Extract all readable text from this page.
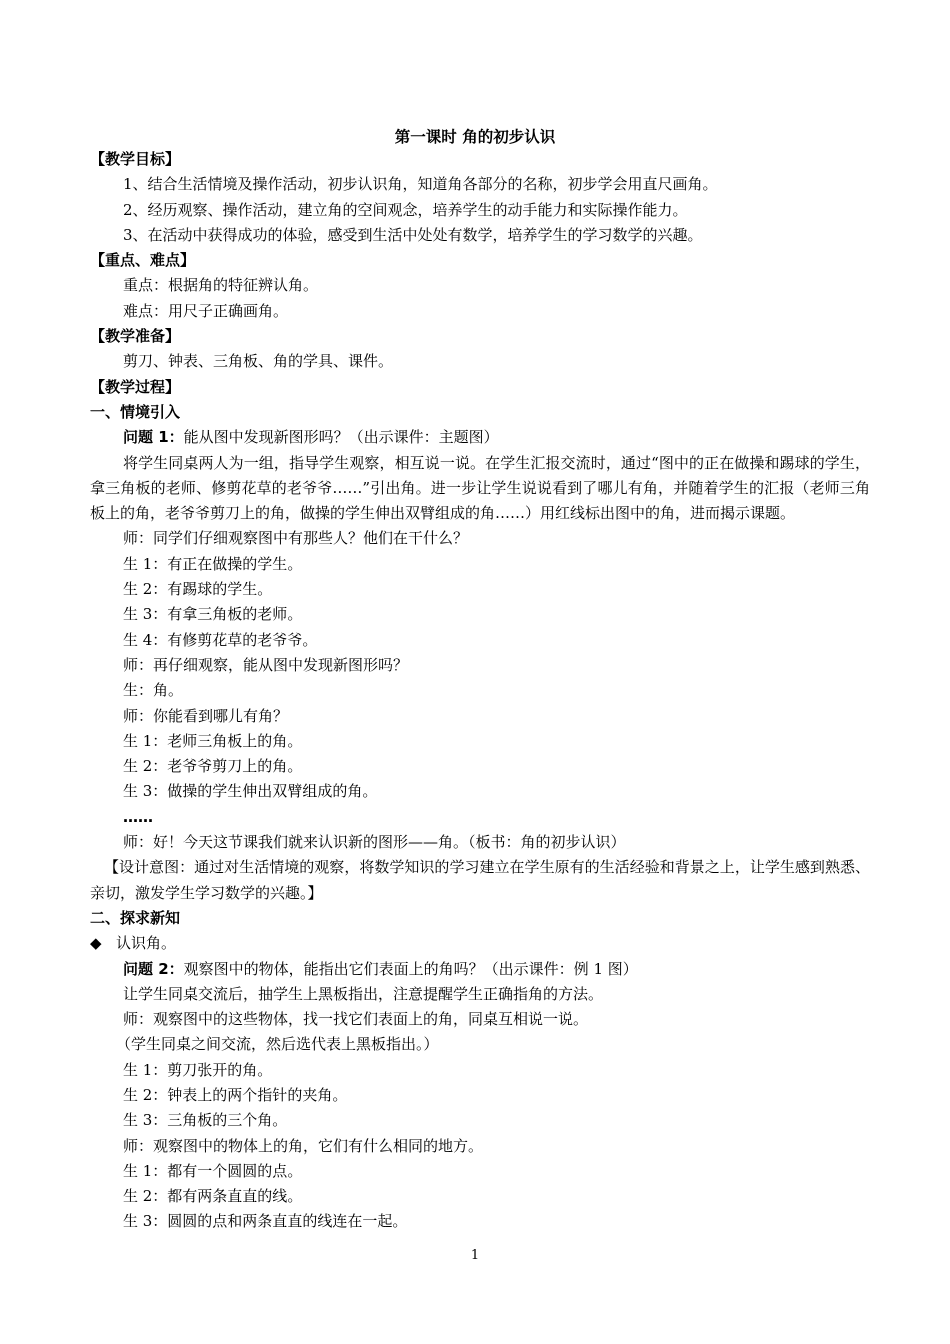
第一课时 角的初步认识
【教学目标】
1、结合生活情境及操作活动，初步认识角，知道角各部分的名称，初步学会用直尺画角。
2、经历观察、操作活动，建立角的空间观念，培养学生的动手能力和实际操作能力。
3、在活动中获得成功的体验，感受到生活中处处有数学，培养学生的学习数学的兴趣。
【重点、难点】
重点：根据角的特征辨认角。
难点：用尺子正确画角。
【教学准备】
剪刀、钟表、三角板、角的学具、课件。
【教学过程】
一、情境引入
问题 1：能从图中发现新图形吗？（出示课件：主题图）
将学生同桌两人为一组，指导学生观察，相互说一说。在学生汇报交流时，通过“图中的正在做操和踢球的学生，拿三角板的老师、修剪花草的老爷爷……”引出角。进一步让学生说说看到了哪儿有角，并随着学生的汇报（老师三角板上的角，老爷爷剪刀上的角，做操的学生伸出双臂组成的角……）用红线标出图中的角，进而揭示课题。
师：同学们仔细观察图中有那些人？他们在干什么？
生 1：有正在做操的学生。
生 2：有踢球的学生。
生 3：有拿三角板的老师。
生 4：有修剪花草的老爷爷。
师：再仔细观察，能从图中发现新图形吗？
生：角。
师：你能看到哪儿有角？
生 1：老师三角板上的角。
生 2：老爷爷剪刀上的角。
生 3：做操的学生伸出双臂组成的角。
……
师：好！今天这节课我们就来认识新的图形——角。（板书：角的初步认识）
【设计意图：通过对生活情境的观察，将数学知识的学习建立在学生原有的生活经验和背景之上，让学生感到熟悉、亲切，激发学生学习数学的兴趣。】
二、探求新知
◆ 认识角。
问题 2：观察图中的物体，能指出它们表面上的角吗？（出示课件：例 1 图）
让学生同桌交流后，抽学生上黑板指出，注意提醒学生正确指角的方法。
师：观察图中的这些物体，找一找它们表面上的角，同桌互相说一说。
（学生同桌之间交流，然后选代表上黑板指出。）
生 1：剪刀张开的角。
生 2：钟表上的两个指针的夹角。
生 3：三角板的三个角。
师：观察图中的物体上的角，它们有什么相同的地方。
生 1：都有一个圆圆的点。
生 2：都有两条直直的线。
生 3：圆圆的点和两条直直的线连在一起。
1
